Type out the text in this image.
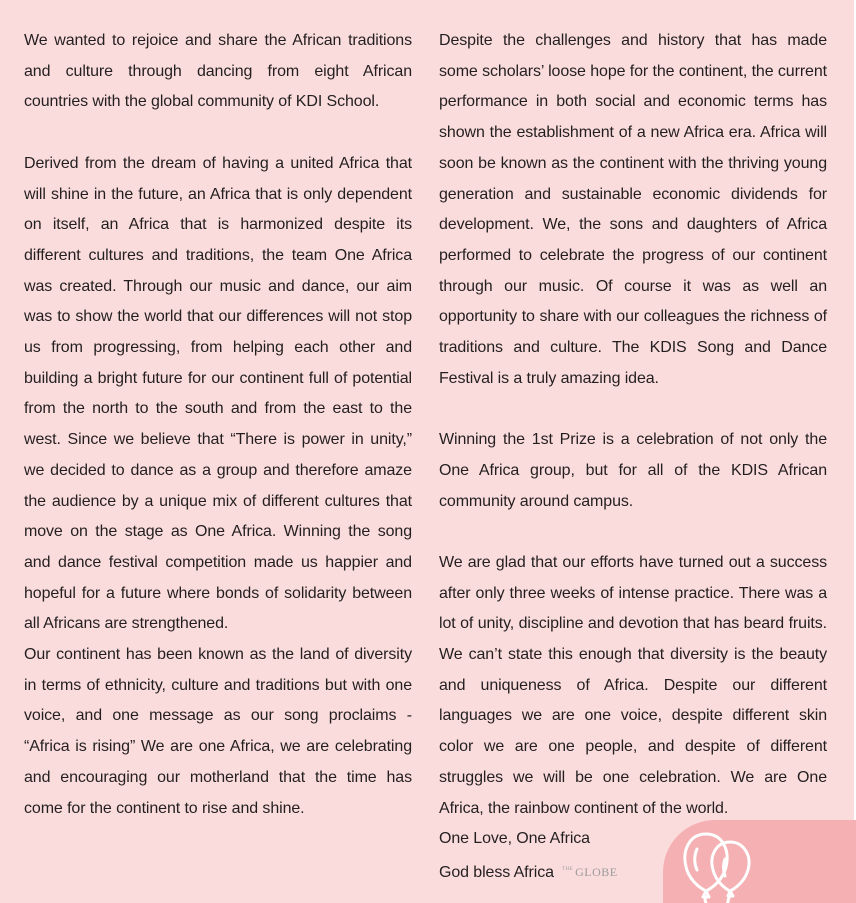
We wanted to rejoice and share the African traditions and culture through dancing from eight African countries with the global community of KDI School.

Derived from the dream of having a united Africa that will shine in the future, an Africa that is only dependent on itself, an Africa that is harmonized despite its different cultures and traditions, the team One Africa was created. Through our music and dance, our aim was to show the world that our differences will not stop us from progressing, from helping each other and building a bright future for our continent full of potential from the north to the south and from the east to the west. Since we believe that “There is power in unity,” we decided to dance as a group and therefore amaze the audience by a unique mix of different cultures that move on the stage as One Africa. Winning the song and dance festival competition made us happier and hopeful for a future where bonds of solidarity between all Africans are strengthened.

Our continent has been known as the land of diversity in terms of ethnicity, culture and traditions but with one voice, and one message as our song proclaims - “Africa is rising” We are one Africa, we are celebrating and encouraging our motherland that the time has come for the continent to rise and shine.

Despite the challenges and history that has made some scholars’ loose hope for the continent, the current performance in both social and economic terms has shown the establishment of a new Africa era. Africa will soon be known as the continent with the thriving young generation and sustainable economic dividends for development. We, the sons and daughters of Africa performed to celebrate the progress of our continent through our music. Of course it was as well an opportunity to share with our colleagues the richness of traditions and culture. The KDIS Song and Dance Festival is a truly amazing idea.

Winning the 1st Prize is a celebration of not only the One Africa group, but for all of the KDIS African community around campus.

We are glad that our efforts have turned out a success after only three weeks of intense practice. There was a lot of unity, discipline and devotion that has beard fruits. We can’t state this enough that diversity is the beauty and uniqueness of Africa. Despite our different languages we are one voice, despite different skin color we are one people, and despite of different struggles we will be one celebration. We are One Africa, the rainbow continent of the world.

One Love, One Africa
God bless Africa $^{THE}$ GLOBE
